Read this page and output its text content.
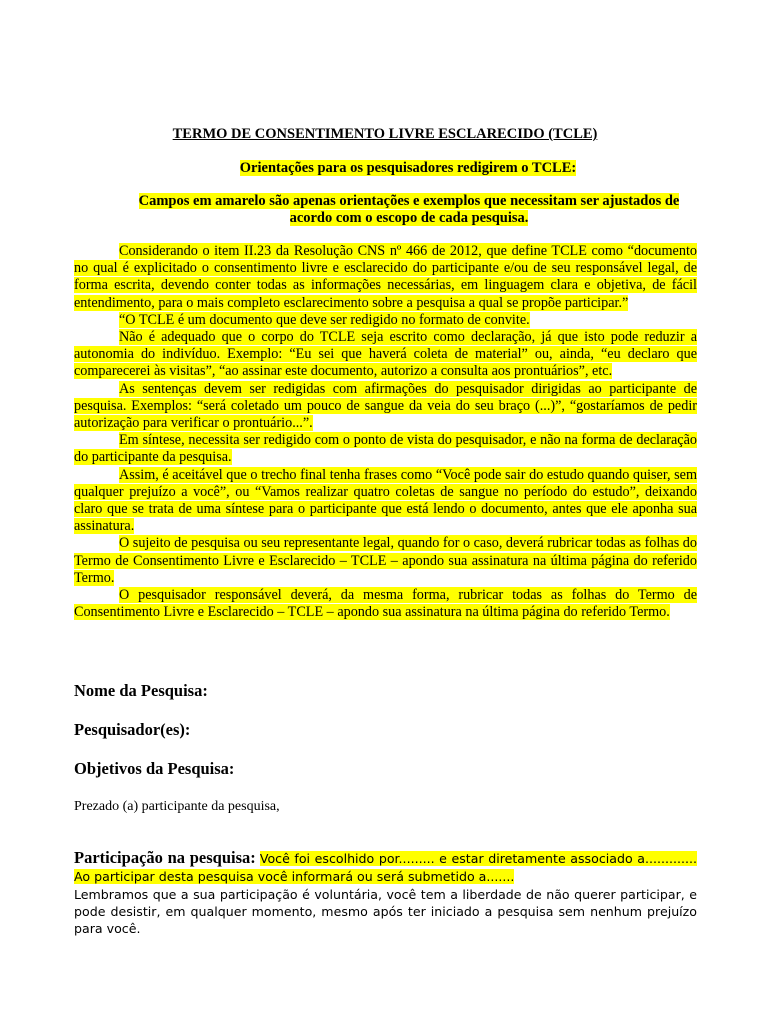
TERMO DE CONSENTIMENTO LIVRE ESCLARECIDO (TCLE)

Orientações para os pesquisadores redigirem o TCLE:

Campos em amarelo são apenas orientações e exemplos que necessitam ser ajustados de acordo com o escopo de cada pesquisa.

Considerando o item II.23 da Resolução CNS nº 466 de 2012, que define TCLE como “documento no qual é explicitado o consentimento livre e esclarecido do participante e/ou de seu responsável legal, de forma escrita, devendo conter todas as informações necessárias, em linguagem clara e objetiva, de fácil entendimento, para o mais completo esclarecimento sobre a pesquisa a qual se propõe participar.”

“O TCLE é um documento que deve ser redigido no formato de convite.

Não é adequado que o corpo do TCLE seja escrito como declaração, já que isto pode reduzir a autonomia do indivíduo. Exemplo: “Eu sei que haverá coleta de material” ou, ainda, “eu declaro que comparecerei às visitas”, “ao assinar este documento, autorizo a consulta aos prontuários”, etc.

As sentenças devem ser redigidas com afirmações do pesquisador dirigidas ao participante de pesquisa. Exemplos: “será coletado um pouco de sangue da veia do seu braço (...)”, “gostaríamos de pedir autorização para verificar o prontuário...”.

Em síntese, necessita ser redigido com o ponto de vista do pesquisador, e não na forma de declaração do participante da pesquisa.

Assim, é aceitável que o trecho final tenha frases como “Você pode sair do estudo quando quiser, sem qualquer prejuízo a você”, ou “Vamos realizar quatro coletas de sangue no período do estudo”, deixando claro que se trata de uma síntese para o participante que está lendo o documento, antes que ele aponha sua assinatura.

O sujeito de pesquisa ou seu representante legal, quando for o caso, deverá rubricar todas as folhas do Termo de Consentimento Livre e Esclarecido – TCLE – apondo sua assinatura na última página do referido Termo.

O pesquisador responsável deverá, da mesma forma, rubricar todas as folhas do Termo de Consentimento Livre e Esclarecido – TCLE – apondo sua assinatura na última página do referido Termo.

Nome da Pesquisa:

Pesquisador(es):

Objetivos da Pesquisa:

Prezado (a) participante da pesquisa,

Participação na pesquisa: Você foi escolhido por......... e estar diretamente associado a............. Ao participar desta pesquisa você informará ou será submetido a.......

Lembramos que a sua participação é voluntária, você tem a liberdade de não querer participar, e pode desistir, em qualquer momento, mesmo após ter iniciado a pesquisa sem nenhum prejuízo para você.
